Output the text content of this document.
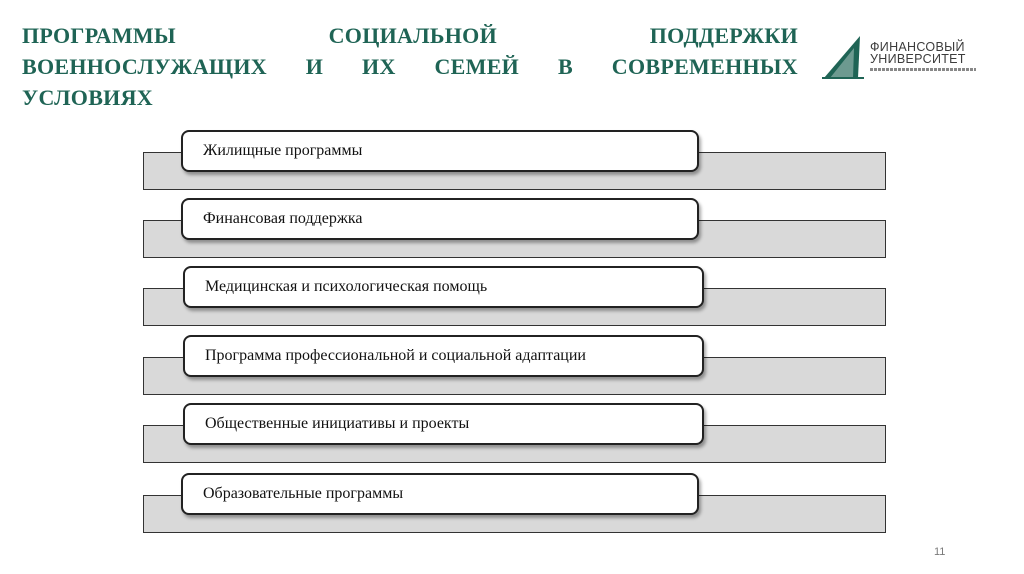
ПРОГРАММЫ СОЦИАЛЬНОЙ ПОДДЕРЖКИ
ВОЕННОСЛУЖАЩИХ И ИХ СЕМЕЙ В СОВРЕМЕННЫХ
УСЛОВИЯХ
ФИНАНСОВЫЙ
УНИВЕРСИТЕТ
Жилищные программы
Финансовая поддержка
Медицинская и психологическая помощь
Программа профессиональной и социальной адаптации
Общественные инициативы и проекты
Образовательные программы
11
